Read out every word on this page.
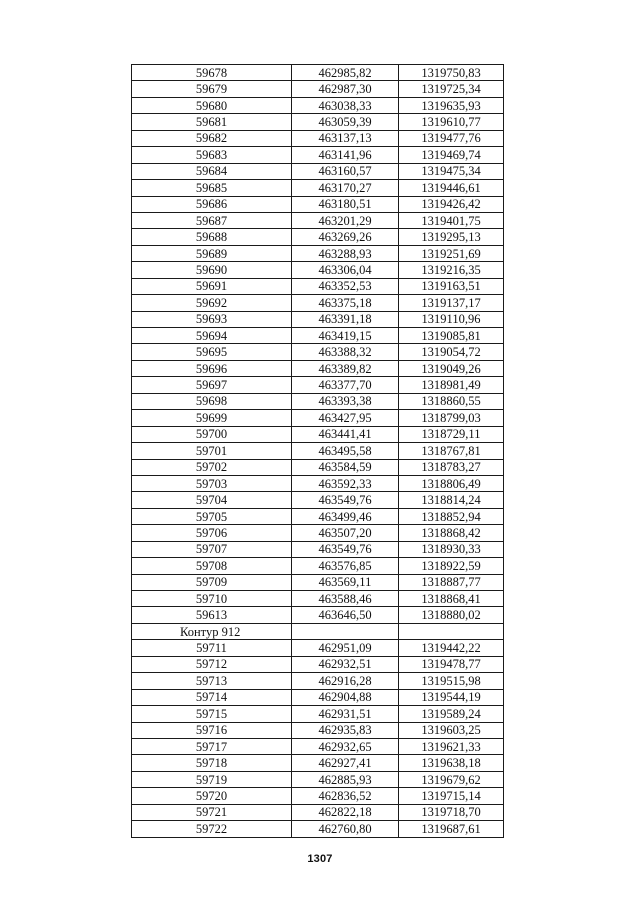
59678	462985,82	1319750,83
59679	462987,30	1319725,34
59680	463038,33	1319635,93
59681	463059,39	1319610,77
59682	463137,13	1319477,76
59683	463141,96	1319469,74
59684	463160,57	1319475,34
59685	463170,27	1319446,61
59686	463180,51	1319426,42
59687	463201,29	1319401,75
59688	463269,26	1319295,13
59689	463288,93	1319251,69
59690	463306,04	1319216,35
59691	463352,53	1319163,51
59692	463375,18	1319137,17
59693	463391,18	1319110,96
59694	463419,15	1319085,81
59695	463388,32	1319054,72
59696	463389,82	1319049,26
59697	463377,70	1318981,49
59698	463393,38	1318860,55
59699	463427,95	1318799,03
59700	463441,41	1318729,11
59701	463495,58	1318767,81
59702	463584,59	1318783,27
59703	463592,33	1318806,49
59704	463549,76	1318814,24
59705	463499,46	1318852,94
59706	463507,20	1318868,42
59707	463549,76	1318930,33
59708	463576,85	1318922,59
59709	463569,11	1318887,77
59710	463588,46	1318868,41
59613	463646,50	1318880,02
Контур 912		
59711	462951,09	1319442,22
59712	462932,51	1319478,77
59713	462916,28	1319515,98
59714	462904,88	1319544,19
59715	462931,51	1319589,24
59716	462935,83	1319603,25
59717	462932,65	1319621,33
59718	462927,41	1319638,18
59719	462885,93	1319679,62
59720	462836,52	1319715,14
59721	462822,18	1319718,70
59722	462760,80	1319687,61
1307
